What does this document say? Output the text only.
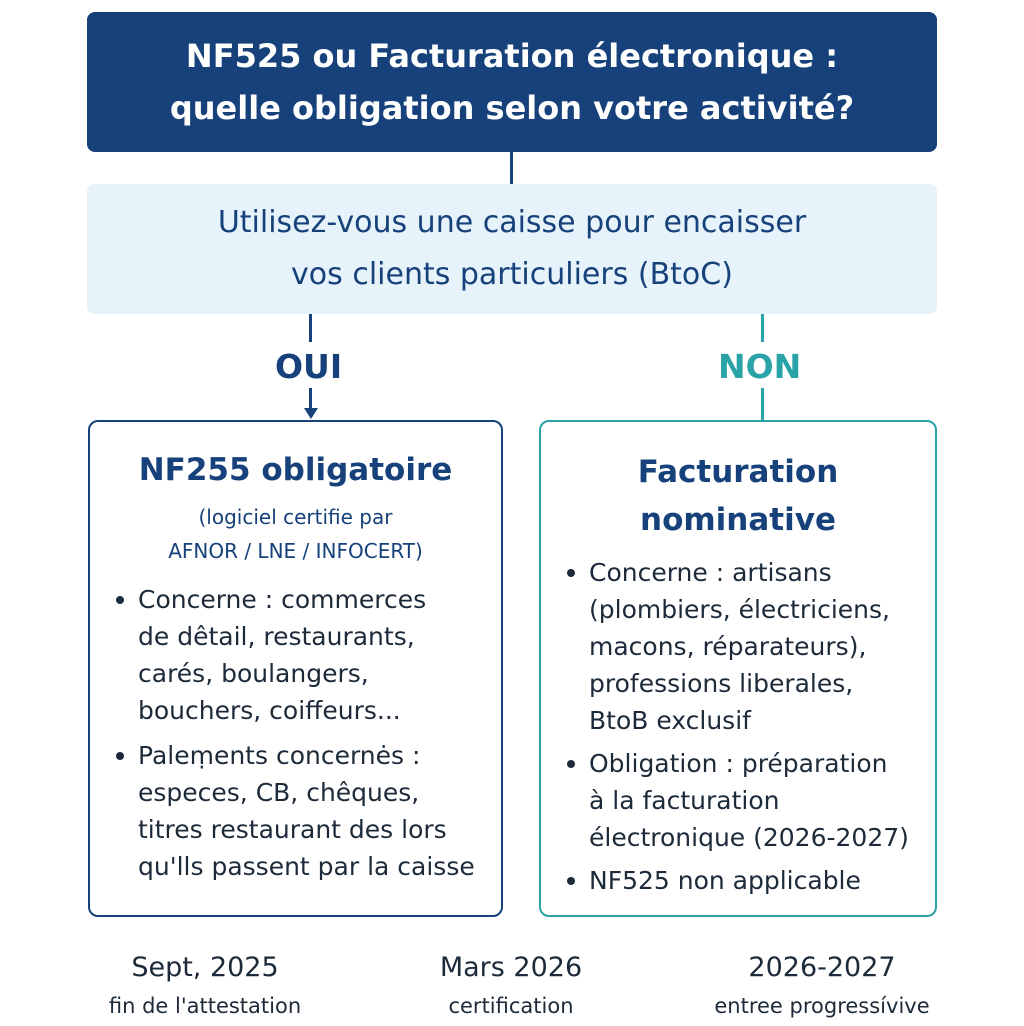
NF525 ou Facturation électronique :
quelle obligation selon votre activité?
Utilisez-vous une caisse pour encaisser
vos clients particuliers (BtoC)
OUI	NON
NF255 obligatoire
(logiciel certifie par
AFNOR / LNE / INFOCERT)
Concerne : commerces
de dêtail, restaurants,
carés, boulangers,
bouchers, coiffeurs...
Paleṃents concernės :
especes, CB, chêques,
titres restaurant des lors
qu'lls passent par la caisse
Facturation
nominative
Concerne : artisans
(plombiers, électriciens,
macons, réparateurs),
professions liberales,
BtoB exclusif
Obligation : préparation
à la facturation
électronique (2026-2027)
NF525 non applicable
Sept, 2025
fin de l'attestation
Mars 2026
certification
2026-2027
entree progressívive
